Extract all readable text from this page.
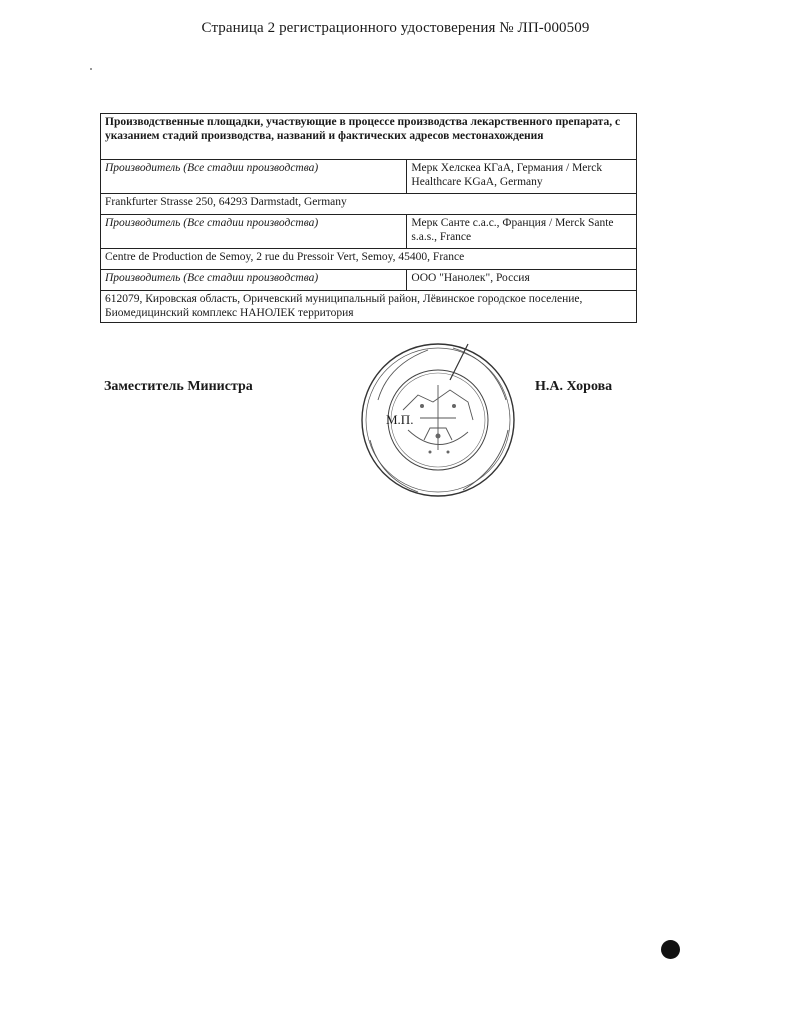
Страница 2 регистрационного удостоверения № ЛП-000509
Производственные площадки, участвующие в процессе производства лекарственного препарата, с указанием стадий производства, названий и фактических адресов местонахождения	
Производитель (Все стадии производства)	Мерк Хелскеа КГаА, Германия / Merck Healthcare KGaA, Germany
Frankfurter Strasse 250, 64293 Darmstadt, Germany	
Производитель (Все стадии производства)	Мерк Санте с.а.с., Франция / Merck Sante s.a.s., France
Centre de Production de Semoy, 2 rue du Pressoir Vert, Semoy, 45400, France	
Производитель (Все стадии производства)	ООО "Нанолек", Россия
612079, Кировская область, Оричевский муниципальный район, Лёвинское городское поселение, Биомедицинский комплекс НАНОЛЕК территория	
Заместитель Министра	Н.А. Хорова
М.П.
